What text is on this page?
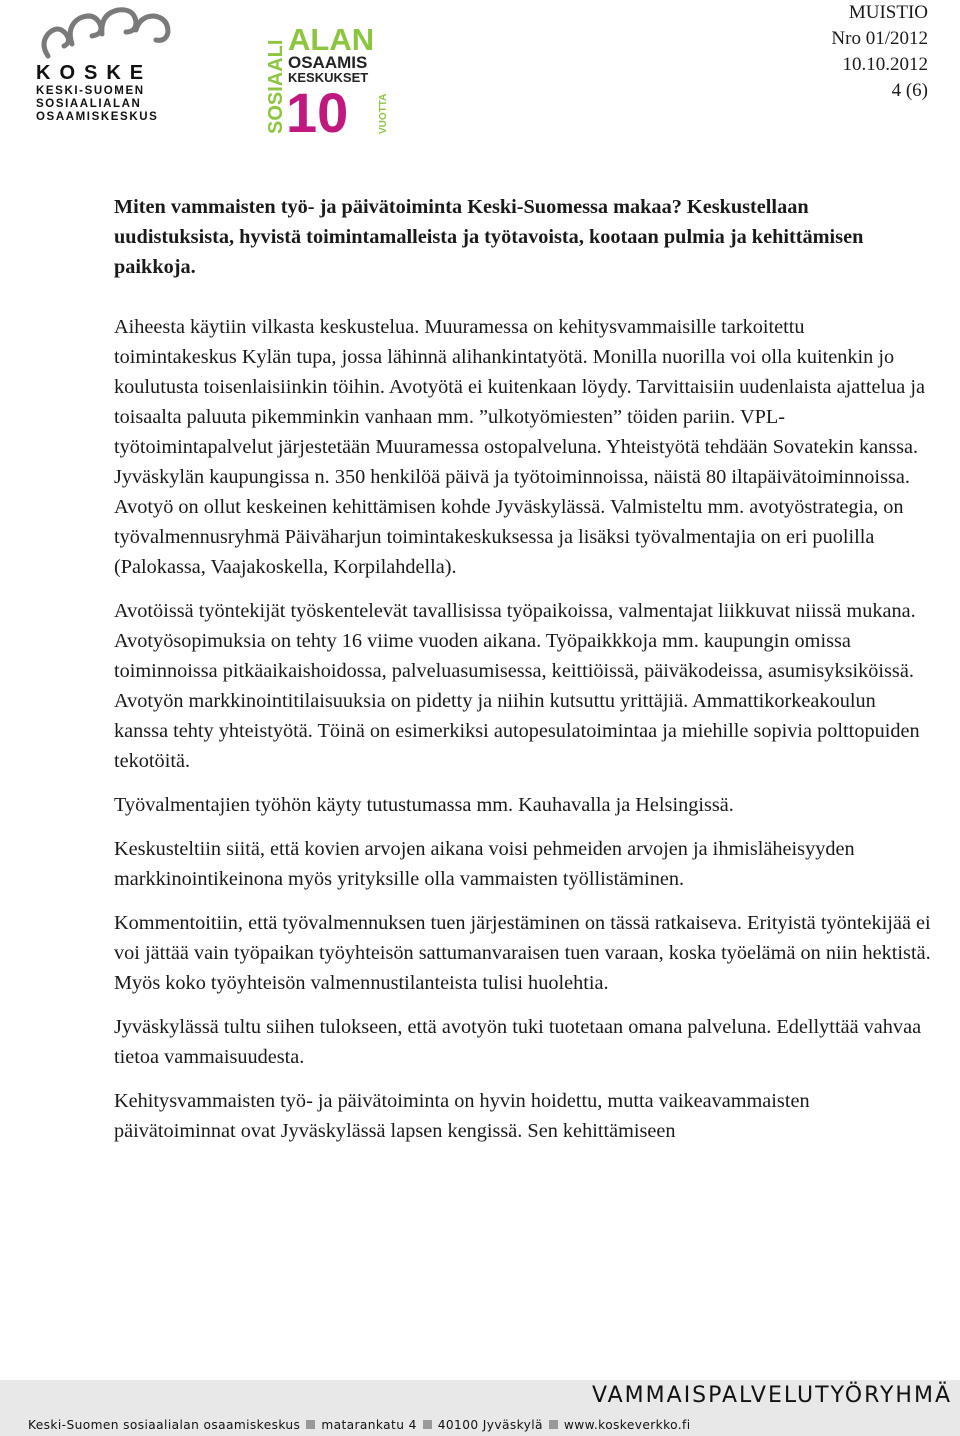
KOSKE
KESKI-SUOMEN
SOSIAALIALAN
OSAAMISKESKUS	SOSIAALI
ALAN
OSAAMIS
KESKUKSET
10	VUOTTA
MUISTIO
Nro 01/2012
10.10.2012
4 (6)

Miten vammaisten työ- ja päivätoiminta Keski-Suomessa makaa? Keskustellaan uudistuksista, hyvistä toimintamalleista ja työtavoista, kootaan pulmia ja kehittämisen paikkoja.

Aiheesta käytiin vilkasta keskustelua. Muuramessa on kehitysvammaisille tarkoitettu toimintakeskus Kylän tupa, jossa lähinnä alihankintatyötä. Monilla nuorilla voi olla kuitenkin jo koulutusta toisenlaisiinkin töihin. Avotyötä ei kuitenkaan löydy. Tarvittaisiin uudenlaista ajattelua ja toisaalta paluuta pikemminkin vanhaan mm. ”ulkotyömiesten” töiden pariin. VPL-työtoimintapalvelut järjestetään Muuramessa ostopalveluna. Yhteistyötä tehdään Sovatekin kanssa.

Jyväskylän kaupungissa n. 350 henkilöä päivä ja työtoiminnoissa, näistä 80 iltapäivätoiminnoissa. Avotyö on ollut keskeinen kehittämisen kohde Jyväskylässä. Valmisteltu mm. avotyöstrategia, on työvalmennusryhmä Päiväharjun toimintakeskuksessa ja lisäksi työvalmentajia on eri puolilla (Palokassa, Vaajakoskella, Korpilahdella).

Avotöissä työntekijät työskentelevät tavallisissa työpaikoissa, valmentajat liikkuvat niissä mukana. Avotyösopimuksia on tehty 16 viime vuoden aikana. Työpaikkkoja mm. kaupungin omissa toiminnoissa pitkäaikaishoidossa, palveluasumisessa, keittiöissä, päiväkodeissa, asumisyksiköissä. Avotyön markkinointitilaisuuksia on pidetty ja niihin kutsuttu yrittäjiä. Ammattikorkeakoulun kanssa tehty yhteistyötä. Töinä on esimerkiksi autopesulatoimintaa ja miehille sopivia polttopuiden tekotöitä.

Työvalmentajien työhön käyty tutustumassa mm. Kauhavalla ja Helsingissä.

Keskusteltiin siitä, että kovien arvojen aikana voisi pehmeiden arvojen ja ihmisläheisyyden markkinointikeinona myös yrityksille olla vammaisten työllistäminen.

Kommentoitiin, että työvalmennuksen tuen järjestäminen on tässä ratkaiseva. Erityistä työntekijää ei voi jättää vain työpaikan työyhteisön sattumanvaraisen tuen varaan, koska työelämä on niin hektistä. Myös koko työyhteisön valmennustilanteista tulisi huolehtia.

Jyväskylässä tultu siihen tulokseen, että avotyön tuki tuotetaan omana palveluna. Edellyttää vahvaa tietoa vammaisuudesta.

Kehitysvammaisten työ- ja päivätoiminta on hyvin hoidettu, mutta vaikeavammaisten päivätoiminnat ovat Jyväskylässä lapsen kengissä. Sen kehittämiseen

VAMMAISPALVELUTYÖRYHMÄ
Keski-Suomen sosiaalialan osaamiskeskus matarankatu 4 40100 Jyväskylä www.koskeverkko.fi
